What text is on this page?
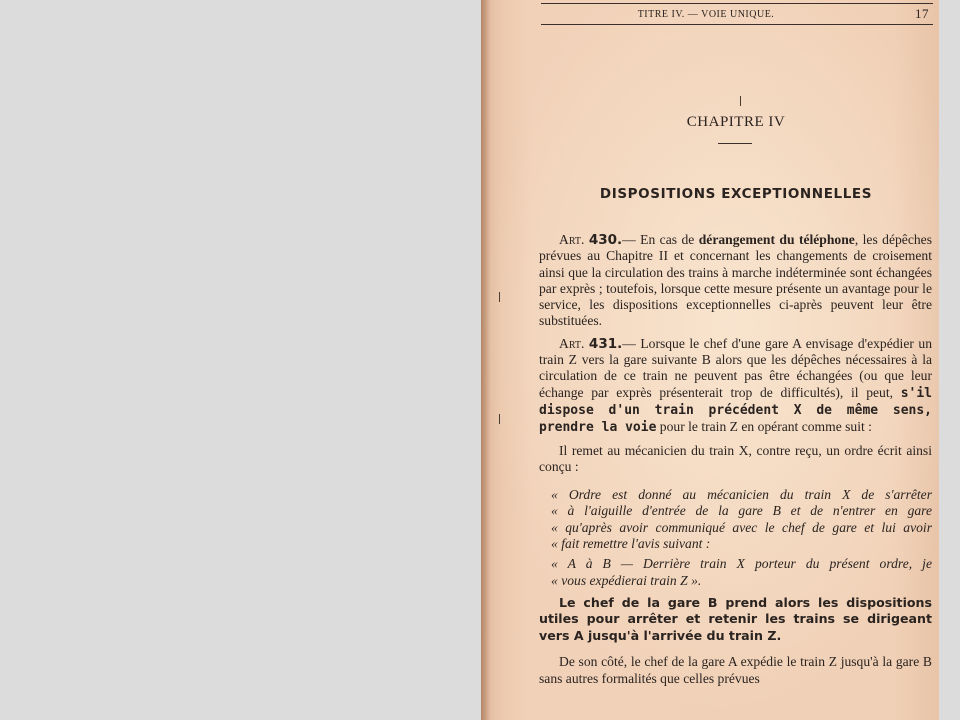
TITRE IV. — VOIE UNIQUE.	17
CHAPITRE IV
DISPOSITIONS EXCEPTIONNELLES

Art. 430.— En cas de dérangement du téléphone, les dépêches prévues au Chapitre II et concernant les changements de croisement ainsi que la circulation des trains à marche indéterminée sont échangées par exprès ; toutefois, lorsque cette mesure présente un avantage pour le service, les dispositions exceptionnelles ci-après peuvent leur être substituées.

Art. 431.— Lorsque le chef d'une gare A envisage d'expédier un train Z vers la gare suivante B alors que les dépêches nécessaires à la circulation de ce train ne peuvent pas être échangées (ou que leur échange par exprès présenterait trop de difficultés), il peut, s'il dispose d'un train précédent X de même sens, prendre la voie pour le train Z en opérant comme suit :

Il remet au mécanicien du train X, contre reçu, un ordre écrit ainsi conçu :

« Ordre est donné au mécanicien du train X de s'arrêter
« à l'aiguille d'entrée de la gare B et de n'entrer en gare
« qu'après avoir communiqué avec le chef de gare et lui avoir
« fait remettre l'avis suivant :

« A à B — Derrière train X porteur du présent ordre, je
« vous expédierai train Z ».

Le chef de la gare B prend alors les dispositions utiles pour arrêter et retenir les trains se dirigeant vers A jusqu'à l'arrivée du train Z.

De son côté, le chef de la gare A expédie le train Z jusqu'à la gare B sans autres formalités que celles prévues
